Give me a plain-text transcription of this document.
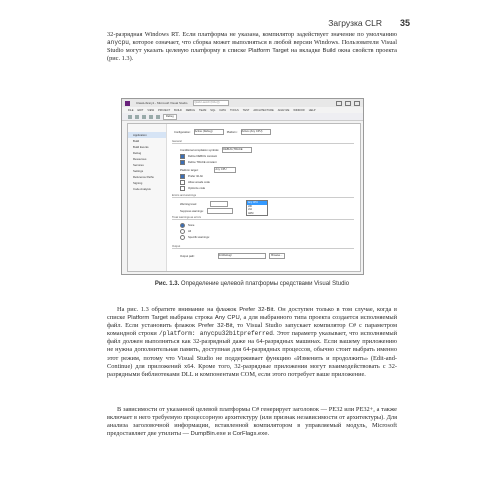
Загрузка CLR 35

32-разрядная Windows RT. Если платформа не указана, компилятор задействует значение по умолчанию anycpu, которое означает, что сборка может выполняться в любой версии Windows. Пользователи Visual Studio могут указать целевую платформу в списке Platform Target на вкладке Build окна свойств проекта (рис. 1.3).

ClassLibrary1 - Microsoft Visual Studio	Quick Launch (Ctrl+Q)
FILE EDIT VIEW PROJECT BUILD DEBUG TEAM SQL DATA TOOLS TEST ARCHITECTURE ANALYZE WINDOW HELP
Debug
Application
Build
Build Events
Debug
Resources
Services
Settings
Reference Paths
Signing
Code Analysis
Configuration:	Active (Debug)	Platform:	Active (Any CPU)
General
Conditional compilation symbols:	DEBUG;TRACE
Define DEBUG constant
Define TRACE constant
Platform target:	Any CPU
Prefer 32-bit
Allow unsafe code
Optimize code
Errors and warnings
Warning level:
Suppress warnings:
Treat warnings as errors
None
All
Specific warnings:
Output
Output path:	bin\Debug\	Browse...
Any CPU
x86
x64
ARM
Рис. 1.3. Определение целевой платформы средствами Visual Studio

На рис. 1.3 обратите внимание на флажок Prefer 32-Bit. Он доступен только в том случае, когда в списке Platform Target выбрана строка Any CPU, а для выбранного типа проекта создается исполняемый файл. Если установить флажок Prefer 32-Bit, то Visual Studio запускает компилятор C# с параметром командной строки /platform: anycpu32bitpreferred. Этот параметр указывает, что исполняемый файл должен выполняться как 32-разрядный даже на 64-разрядных машинах. Если вашему приложению не нужна дополнительная память, доступная для 64-разрядных процессов, обычно стоит выбрать именно этот режим, потому что Visual Studio не поддерживает функцию «Изменить и продолжить» (Edit-and-Continue) для приложений x64. Кроме того, 32-разрядные приложения могут взаимодействовать с 32-разрядными библиотеками DLL и компонентами COM, если этого потребует ваше приложение.

В зависимости от указанной целевой платформы C# генерирует заголовок — PE32 или PE32+, а также включает в него требуемую процессорную архитектуру (или признак независимости от архитектуры). Для анализа заголовочной информации, вставленной компилятором в управляемый модуль, Microsoft предоставляет две утилиты — DumpBin.exe и CorFlags.exe.
